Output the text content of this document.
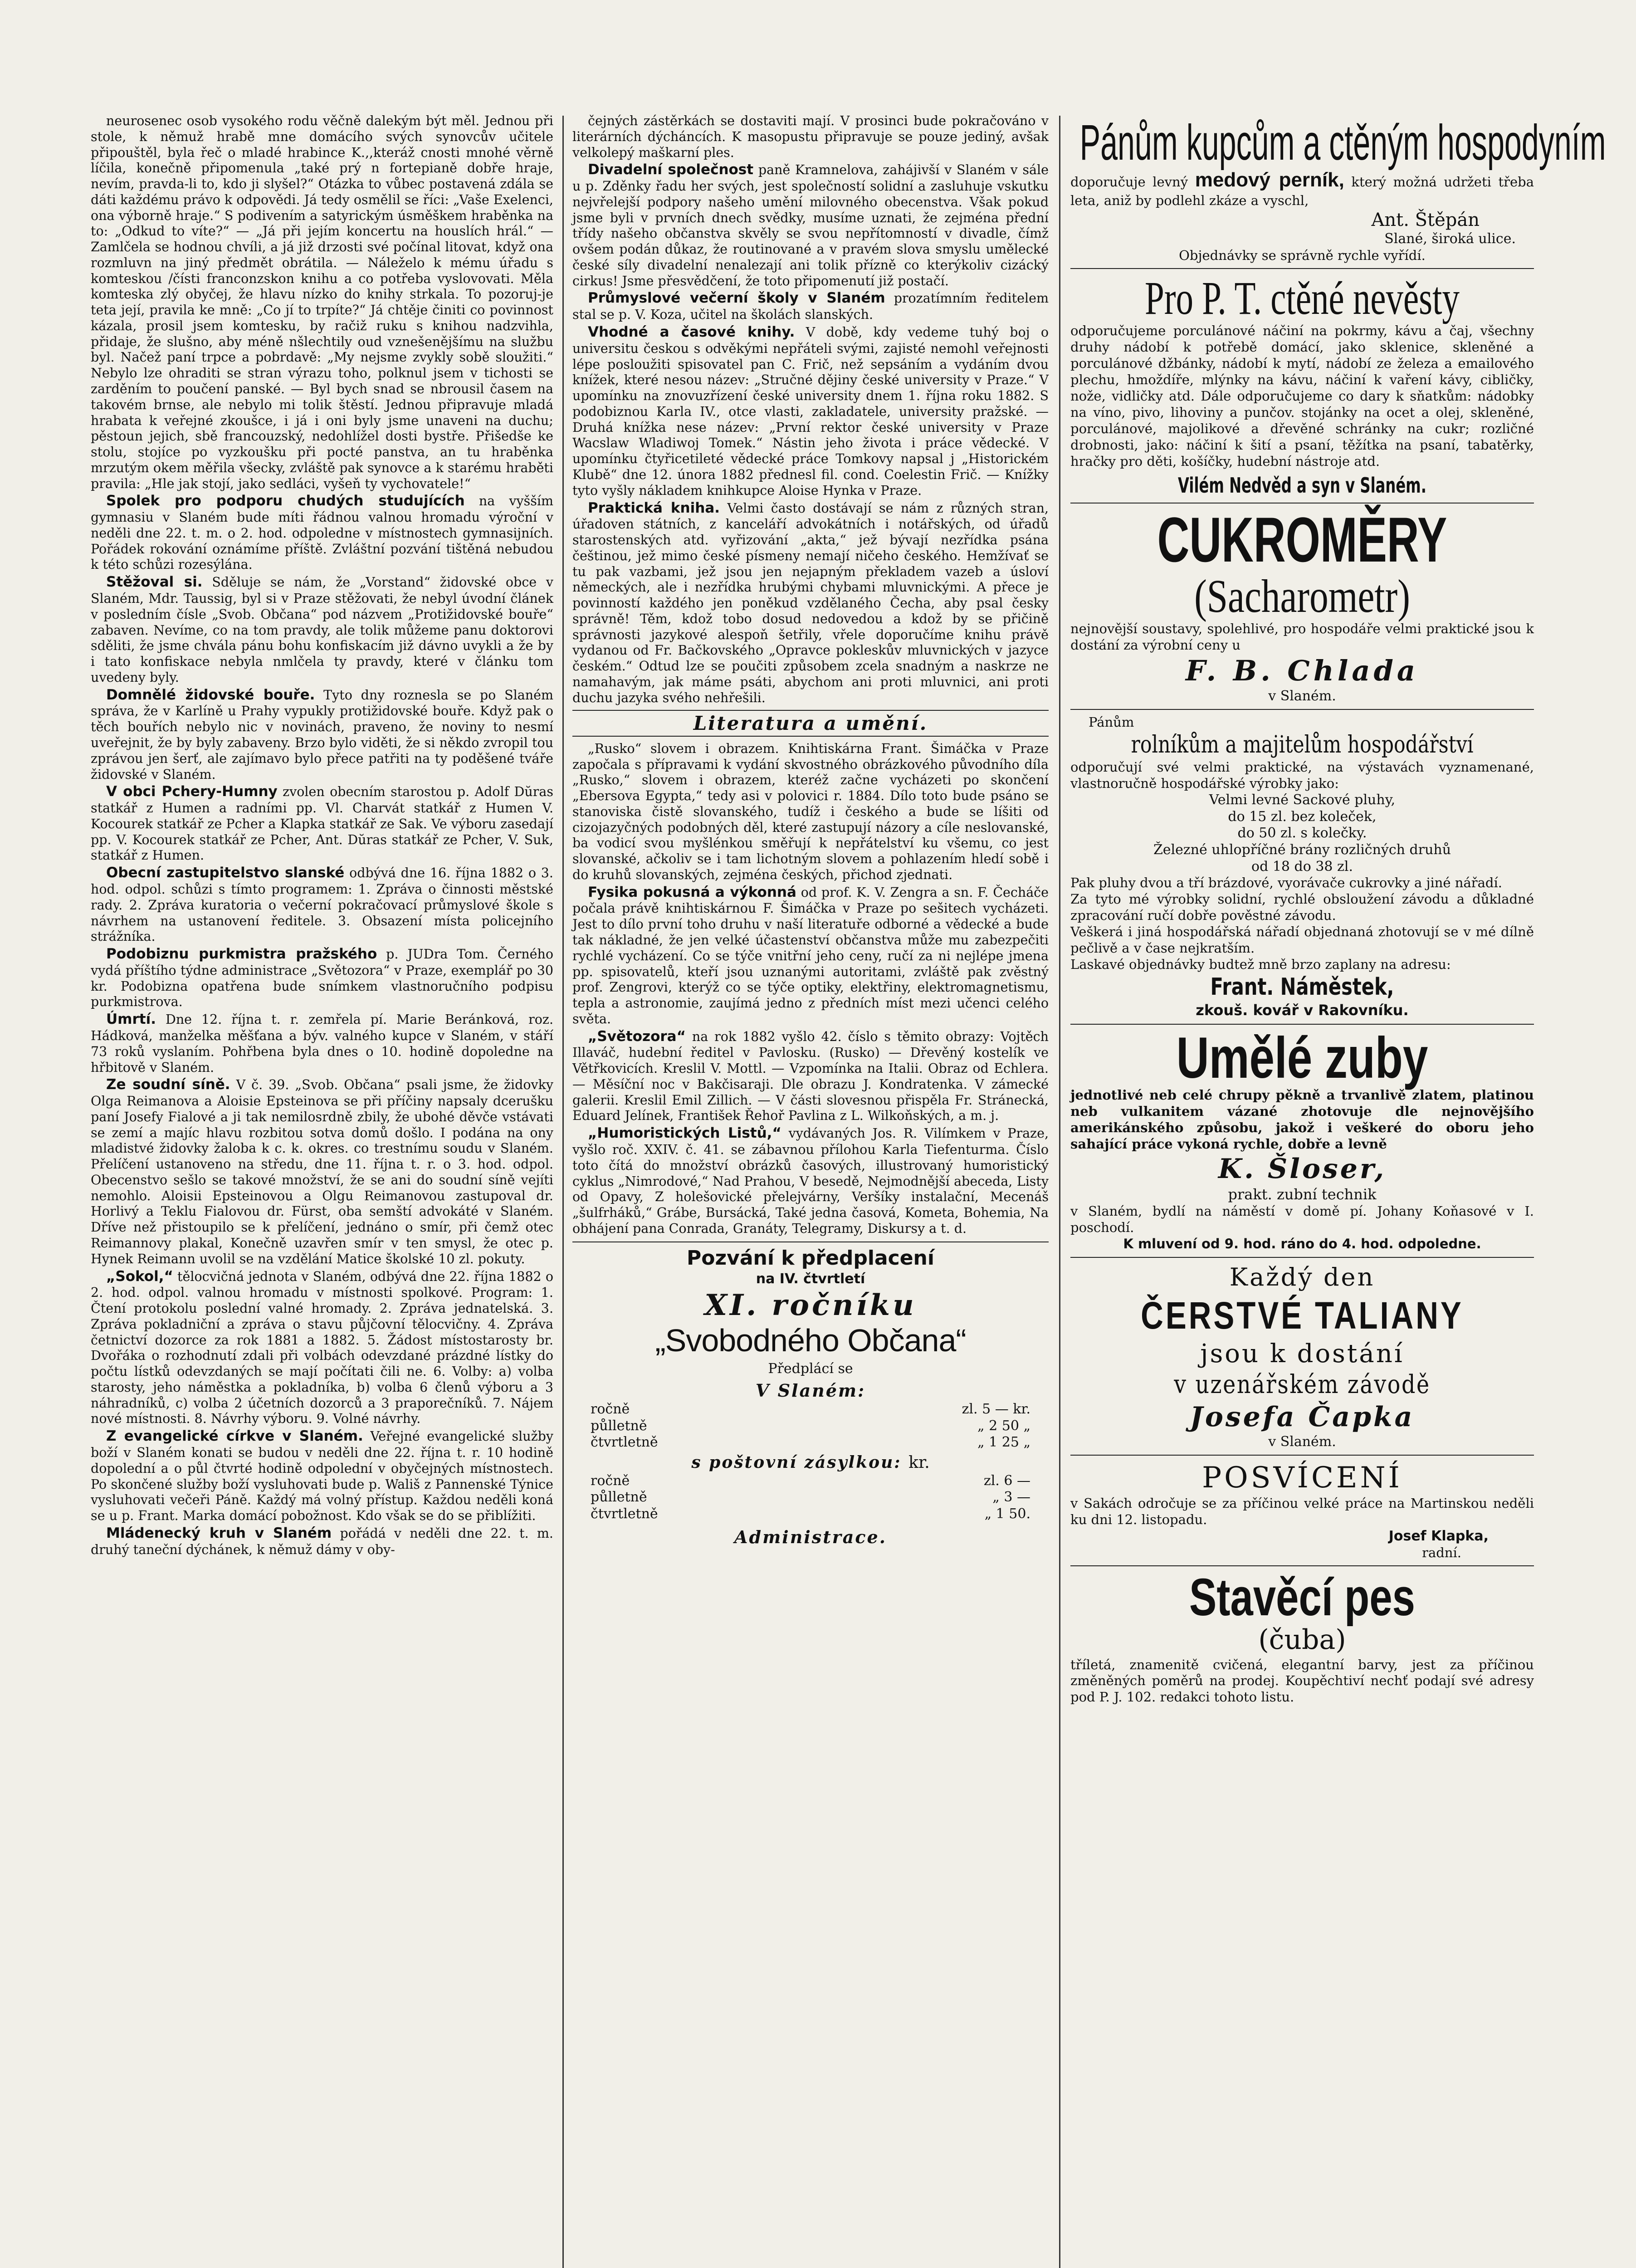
neurosenec osob vysokého rodu věčně dalekým být měl. Jednou při stole, k němuž hrabě mne domácího svých synovcův učitele připouštěl, byla řeč o mladé hrabince K.,,kteráž cnosti mnohé věrně líčila, konečně připomenula „také prý n fortepianě dobře hraje, nevím, pravda-li to, kdo ji slyšel?“ Otázka to vůbec postavená zdála se dáti každému právo k odpovědi. Já tedy osmělil se říci: „Vaše Exelenci, ona výborně hraje.“ S podivením a satyrickým úsměškem hraběnka na to: „Odkud to víte?“ — „Já při jejím koncertu na houslích hrál.“ — Zamlčela se hodnou chvíli, a já již drzosti své počínal litovat, když ona rozmluvn na jiný předmět obrátila. — Náleželo k mému úřadu s komteskou /čísti franconzskon knihu a co potřeba vyslovovati. Měla komteska zlý obyčej, že hlavu nízko do knihy strkala. To pozoruj-je teta její, pravila ke mně: „Co jí to trpíte?“ Já chtěje činiti co povinnost kázala, prosil jsem komtesku, by račiž ruku s knihou nadzvihla, přidaje, že slušno, aby méně nšlechtily oud vznešenějšímu na službu byl. Načež paní trpce a pobrdavě: „My nejsme zvykly sobě sloužiti.“ Nebylo lze ohraditi se stran výrazu toho, polknul jsem v tichosti se zarděním to poučení panské. — Byl bych snad se nbrousil časem na takovém brnse, ale nebylo mi tolik štěstí. Jednou připravuje mladá hrabata k veřejné zkoušce, i já i oni byly jsme unaveni na duchu; pěstoun jejich, sbě francouzský, nedohlížel dosti bystře. Přišedše ke stolu, stojíce po vyzkoušku při pocté panstva, an tu hraběnka mrzutým okem měřila všecky, zvláště pak synovce a k starému hraběti pravila: „Hle jak stojí, jako sedláci, vyšeň ty vychovatele!“

Spolek pro podporu chudých studujících na vyšším gymnasiu v Slaném bude míti řádnou valnou hromadu výroční v neděli dne 22. t. m. o 2. hod. odpoledne v místnostech gymnasijních. Pořádek rokování oznámíme příště. Zvláštní pozvání tištěná nebudou k této schůzi rozesýlána.

Stěžoval si. Sděluje se nám, že „Vorstand“ židovské obce v Slaném, Mdr. Taussig, byl si v Praze stěžovati, že nebyl úvodní článek v posledním čísle „Svob. Občana“ pod názvem „Protižidovské bouře“ zabaven. Nevíme, co na tom pravdy, ale tolik můžeme panu doktorovi sděliti, že jsme chvála pánu bohu konfiskacím již dávno uvykli a že by i tato konfiskace nebyla nmlčela ty pravdy, které v článku tom uvedeny byly.

Domnělé židovské bouře. Tyto dny roznesla se po Slaném správa, že v Karlíně u Prahy vypukly protižidovské bouře. Když pak o těch bouřích nebylo nic v novinách, praveno, že noviny to nesmí uveřejnit, že by byly zabaveny. Brzo bylo viděti, že si někdo zvropil tou zprávou jen šerť, ale zajímavo bylo přece patřiti na ty poděšené tváře židovské v Slaném.

V obci Pchery-Humny zvolen obecním starostou p. Adolf Dŭras statkář z Humen a radními pp. Vl. Charvát statkář z Humen V. Kocourek statkář ze Pcher a Klapka statkář ze Sak. Ve výboru zasedají pp. V. Kocourek statkář ze Pcher, Ant. Dŭras statkář ze Pcher, V. Suk, statkář z Humen.

Obecní zastupitelstvo slanské odbývá dne 16. října 1882 o 3. hod. odpol. schůzi s tímto programem: 1. Zpráva o činnosti městské rady. 2. Zpráva kuratoria o večerní pokračovací průmyslové škole s návrhem na ustanovení ředitele. 3. Obsazení místa policejního strážníka.

Podobiznu purkmistra pražského p. JUDra Tom. Černého vydá příštího týdne administrace „Světozora“ v Praze, exemplář po 30 kr. Podobizna opatřena bude snímkem vlastnoručního podpisu purkmistrova.

Úmrtí. Dne 12. října t. r. zemřela pí. Marie Beránková, roz. Hádková, manželka měšťana a býv. valného kupce v Slaném, v stáří 73 roků vyslaním. Pohřbena byla dnes o 10. hodině dopoledne na hřbitově v Slaném.

Ze soudní síně. V č. 39. „Svob. Občana“ psali jsme, že židovky Olga Reimanova a Aloisie Epsteinova se při příčiny napsaly dcerušku paní Josefy Fialové a ji tak nemilosrdně zbily, že ubohé děvče vstávati se zemí a majíc hlavu rozbitou sotva domů došlo. I podána na ony mladistvé židovky žaloba k c. k. okres. co trestnímu soudu v Slaném. Přelíčení ustanoveno na středu, dne 11. října t. r. o 3. hod. odpol. Obecenstvo sešlo se takové množství, že se ani do soudní síně vejíti nemohlo. Aloisii Epsteinovou a Olgu Reimanovou zastupoval dr. Horlivý a Teklu Fialovou dr. Fürst, oba semští advokáté v Slaném. Dříve než přistoupilo se k přelíčení, jednáno o smír, při čemž otec Reimannovy plakal, Konečně uzavřen smír v ten smysl, že otec p. Hynek Reimann uvolil se na vzdělání Matice školské 10 zl. pokuty.

„Sokol,“ tělocvičná jednota v Slaném, odbývá dne 22. října 1882 o 2. hod. odpol. valnou hromadu v místnosti spolkové. Program: 1. Čtení protokolu poslední valné hromady. 2. Zpráva jednatelská. 3. Zpráva pokladniční a zpráva o stavu půjčovní tělocvičny. 4. Zpráva četnictví dozorce za rok 1881 a 1882. 5. Žádost místostarosty br. Dvořáka o rozhodnutí zdali při volbách odevzdané prázdné lístky do počtu lístků odevzdaných se mají počítati čili ne. 6. Volby: a) volba starosty, jeho náměstka a pokladníka, b) volba 6 členů výboru a 3 náhradníků, c) volba 2 účetních dozorců a 3 praporečníků. 7. Nájem nové místnosti. 8. Návrhy výboru. 9. Volné návrhy.

Z evangelické církve v Slaném. Veřejné evangelické služby boží v Slaném konati se budou v neděli dne 22. října t. r. 10 hodině dopolední a o půl čtvrté hodině odpolední v obyčejných místnostech. Po skončené služby boží vysluhovati bude p. Wališ z Pannenské Týnice vysluhovati večeři Páně. Každý má volný přístup. Každou neděli koná se u p. Frant. Marka domácí pobožnost. Kdo však se do se přiblížiti.

Mládenecký kruh v Slaném pořádá v neděli dne 22. t. m. druhý taneční dýchánek, k němuž dámy v oby-

čejných zástěrkách se dostaviti mají. V prosinci bude pokračováno v literárních dýcháncích. K masopustu připravuje se pouze jediný, avšak velkolepý maškarní ples.

Divadelní společnost paně Kramnelova, zahájivší v Slaném v sále u p. Zděnky řadu her svých, jest společností solidní a zasluhuje vskutku nejvřelejší podpory našeho umění milovného obecenstva. Však pokud jsme byli v prvních dnech svědky, musíme uznati, že zejména přední třídy našeho občanstva skvěly se svou nepřítomností v divadle, čímž ovšem podán důkaz, že routinované a v pravém slova smyslu umělecké české síly divadelní nenalezají ani tolik přízně co kterýkoliv cizácký cirkus! Jsme přesvědčení, že toto připomenutí již postačí.

Průmyslové večerní školy v Slaném prozatímním ředitelem stal se p. V. Koza, učitel na školách slanských.

Vhodné a časové knihy. V době, kdy vedeme tuhý boj o universitu českou s odvěkými nepřáteli svými, zajisté nemohl veřejnosti lépe posloužiti spisovatel pan C. Frič, než sepsáním a vydáním dvou knížek, které nesou název: „Stručné dějiny české university v Praze.“ V upomínku na znovuzřízení české university dnem 1. října roku 1882. S podobiznou Karla IV., otce vlasti, zakladatele, university pražské. — Druhá knížka nese název: „První rektor české university v Praze Wacslaw Wladiwoj Tomek.“ Nástin jeho života i práce vědecké. V upomínku čtyřicetileté vědecké práce Tomkovy napsal j „Historickém Klubě“ dne 12. února 1882 přednesl fil. cond. Coelestin Frič. — Knížky tyto vyšly nákladem knihkupce Aloise Hynka v Praze.

Praktická kniha. Velmi často dostávají se nám z různých stran, úřadoven státních, z kanceláří advokátních i notářských, od úřadů starostenských atd. vyřizování „akta,“ jež bývají nezřídka psána češtinou, jež mimo české písmeny nemají ničeho českého. Hemžívať se tu pak vazbami, jež jsou jen nejapným překladem vazeb a úsloví německých, ale i nezřídka hrubými chybami mluvnickými. A přece je povinností každého jen poněkud vzdělaného Čecha, aby psal česky správně! Těm, kdož tobo dosud nedovedou a kdož by se přičině správnosti jazykové alespoň šetřily, vřele doporučíme knihu právě vydanou od Fr. Bačkovského „Opravce pokleskův mluvnických v jazyce českém.“ Odtud lze se poučiti způsobem zcela snadným a naskrze ne namahavým, jak máme psáti, abychom ani proti mluvnici, ani proti duchu jazyka svého nehřešili.

Literatura a umění.

„Rusko“ slovem i obrazem. Knihtiskárna Frant. Šimáčka v Praze započala s přípravami k vydání skvostného obrázkového původního díla „Rusko,“ slovem i obrazem, kteréž začne vycházeti po skončení „Ebersova Egypta,“ tedy asi v polovici r. 1884. Dílo toto bude psáno se stanoviska čistě slovanského, tudíž i českého a bude se líšiti od cizojazyčných podobných děl, které zastupují názory a cíle neslovanské, ba vodicí svou myšlénkou směřují k nepřátelství ku všemu, co jest slovanské, ačkoliv se i tam lichotným slovem a pohlazením hledí sobě i do kruhů slovanských, zejména českých, přichod zjednati.

Fysika pokusná a výkonná od prof. K. V. Zengra a sn. F. Čecháče počala právě knihtiskárnou F. Šimáčka v Praze po sešitech vycházeti. Jest to dílo první toho druhu v naší literatuře odborné a vědecké a bude tak nákladné, že jen velké účastenství občanstva může mu zabezpečiti rychlé vycházení. Co se týče vnitřní jeho ceny, ručí za ni nejlépe jmena pp. spisovatelů, kteří jsou uznanými autoritami, zvláště pak zvěstný prof. Zengrovi, kterýž co se týče optiky, elektřiny, elektromagnetismu, tepla a astronomie, zaujímá jedno z předních míst mezi učenci celého světa.

„Světozora“ na rok 1882 vyšlo 42. číslo s těmito obrazy: Vojtěch Illaváč, hudební ředitel v Pavlosku. (Rusko) — Dřevěný kostelík ve Větřkovicích. Kreslil V. Mottl. — Vzpomínka na Italii. Obraz od Echlera. — Měsíční noc v Bakčisaraji. Dle obrazu J. Kondratenka. V zámecké galerii. Kreslil Emil Zillich. — V části slovesnou přispěla Fr. Stránecká, Eduard Jelínek, František Řehoř Pavlina z L. Wilkoňských, a m. j.

„Humoristických Listů,“ vydávaných Jos. R. Vilímkem v Praze, vyšlo roč. XXIV. č. 41. se zábavnou přílohou Karla Tiefenturma. Číslo toto čítá do množství obrázků časových, illustrovaný humoristický cyklus „Nimrodové,“ Nad Prahou, V besedě, Nejmodnější abeceda, Listy od Opavy, Z holešovické přelejvárny, Veršíky instalační, Mecenáš „šulfrháků,“ Grábe, Bursácká, Také jedna časová, Kometa, Bohemia, Na obhájení pana Conrada, Granáty, Telegramy, Diskursy a t. d.

Pozvání k předplacení
na IV. čtvrtletí
XI. ročníku
„Svobodného Občana“
Předplácí se
V Slaném:
ročně	zl. 5 — kr.
půlletně	„ 2 50 „
čtvrtletně	„ 1 25 „
s poštovní zásylkou: kr.
ročně	zl. 6 —
půlletně	„ 3 —
čtvrtletně	„ 1 50.
Administrace.
Pánům kupcům a ctěným hospodyním
doporučuje levný medový perník, který možná udržeti třeba leta, aniž by podlehl zkáze a vyschl,
Ant. Štěpán
Slané, široká ulice.
Objednávky se správně rychle vyřídí.
Pro P. T. ctěné nevěsty
odporučujeme porculánové náčiní na pokrmy, kávu a čaj, všechny druhy nádobí k potřebě domácí, jako sklenice, skleněné a porculánové džbánky, nádobí k mytí, nádobí ze železa a emailového plechu, hmoždíře, mlýnky na kávu, náčiní k vaření kávy, cibličky, nože, vidličky atd. Dále odporučujeme co dary k sňatkům: nádobky na víno, pivo, lihoviny a punčov. stojánky na ocet a olej, skleněné, porculánové, majolikové a dřevěné schránky na cukr; rozličné drobnosti, jako: náčiní k šití a psaní, těžítka na psaní, tabatěrky, hračky pro děti, košíčky, hudební nástroje atd.
Vilém Nedvěd a syn v Slaném.
CUKROMĚRY
(Sacharometr)
nejnovější soustavy, spolehlivé, pro hospodáře velmi praktické jsou k dostání za výrobní ceny u
F. B. Chlada
v Slaném.
Pánům
rolníkům a majitelům hospodářství
odporučují své velmi praktické, na výstavách vyznamenané, vlastnoručně hospodářské výrobky jako:
Velmi levné Sackové pluhy,
do 15 zl. bez koleček,
do 50 zl. s kolečky.
Železné uhlopříčné brány rozličných druhů
od 18 do 38 zl.
Pak pluhy dvou a tří brázdové, vyorávače cukrovky a jiné nářadí.
Za tyto mé výrobky solidní, rychlé obsloužení závodu a důkladné zpracování ručí dobře pověstné závodu.
Veškerá i jiná hospodářská nářadí objednaná zhotovují se v mé dílně pečlivě a v čase nejkratším.
Laskavé objednávky budtež mně brzo zaplany na adresu:
Frant. Náměstek,
zkouš. kovář v Rakovníku.
Umělé zuby
jednotlivé neb celé chrupy pěkně a trvanlivě zlatem, platinou neb vulkanitem vázané zhotovuje dle nejnovějšího amerikánského způsobu, jakož i veškeré do oboru jeho sahající práce vykoná rychle, dobře a levně
K. Šloser,
prakt. zubní technik
v Slaném, bydlí na náměstí v domě pí. Johany Koňasové v I. poschodí.
K mluvení od 9. hod. ráno do 4. hod. odpoledne.
Každý den
ČERSTVÉ TALIANY
jsou k dostání
v uzenářském závodě
Josefa Čapka
v Slaném.
POSVÍCENÍ
v Sakách odročuje se za příčinou velké práce na Martinskou neděli ku dni 12. listopadu.
Josef Klapka,
radní.
Stavěcí pes
(čuba)
tříletá, znamenitě cvičená, elegantní barvy, jest za příčinou změněných poměrů na prodej. Koupěchtiví nechť podají své adresy pod P. J. 102. redakci tohoto listu.
